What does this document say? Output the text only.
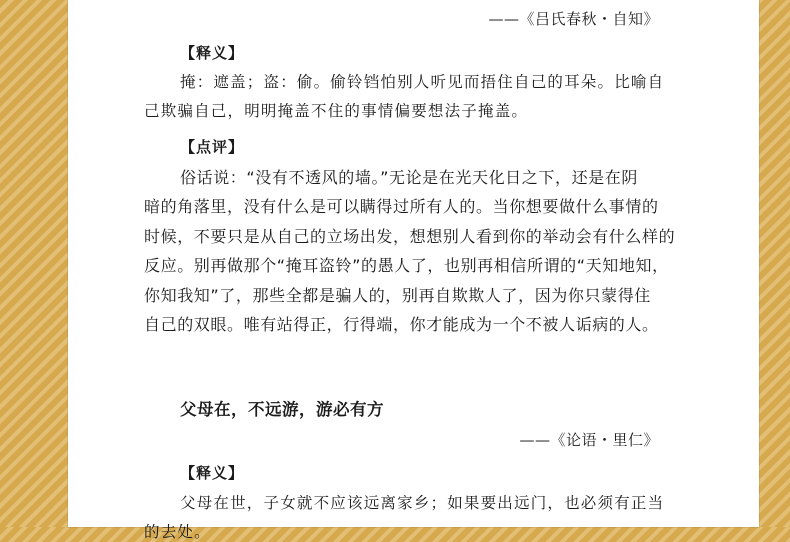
——《吕氏春秋・自知》
【释义】
掩：遮盖；盗：偷。偷铃铛怕别人听见而捂住自己的耳朵。比喻自
己欺骗自己，明明掩盖不住的事情偏要想法子掩盖。
【点评】
俗话说：“没有不透风的墙。”无论是在光天化日之下，还是在阴
暗的角落里，没有什么是可以瞒得过所有人的。当你想要做什么事情的
时候，不要只是从自己的立场出发，想想别人看到你的举动会有什么样的
反应。别再做那个“掩耳盗铃”的愚人了，也别再相信所谓的“天知地知，
你知我知”了，那些全都是骗人的，别再自欺欺人了，因为你只蒙得住
自己的双眼。唯有站得正，行得端，你才能成为一个不被人诟病的人。
父母在，不远游，游必有方
——《论语・里仁》
【释义】
父母在世，子女就不应该远离家乡；如果要出远门，也必须有正当
的去处。
